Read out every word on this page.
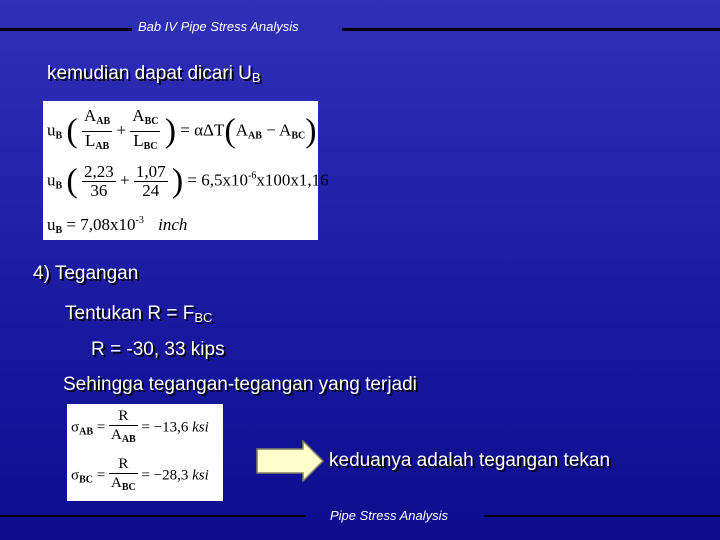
Bab IV Pipe Stress Analysis
kemudian dapat dicari $U_B$
$u_B$ ( $\frac{A_{AB}}{L_{AB}} + \frac{A_{BC}}{L_{BC}}$ ) = $\alpha\Delta T(A_{AB} - A_{BC})$
$u_B$ ( $\frac{2,23}{36} + \frac{1,07}{24}$ ) = $6,5x10^{-6}x100x1,16$
$u_B = 7,08x10^{-3}$ inch
4) Tegangan
Tentukan $R = F_{BC}$
R = -30, 33 kips
Sehingga tegangan-tegangan yang terjadi
$\sigma_{AB} = \frac{R}{A_{AB}} = -13,6$ ksi
$\sigma_{BC} = \frac{R}{A_{BC}} = -28,3$ ksi
keduanya adalah tegangan tekan
Pipe Stress Analysis
